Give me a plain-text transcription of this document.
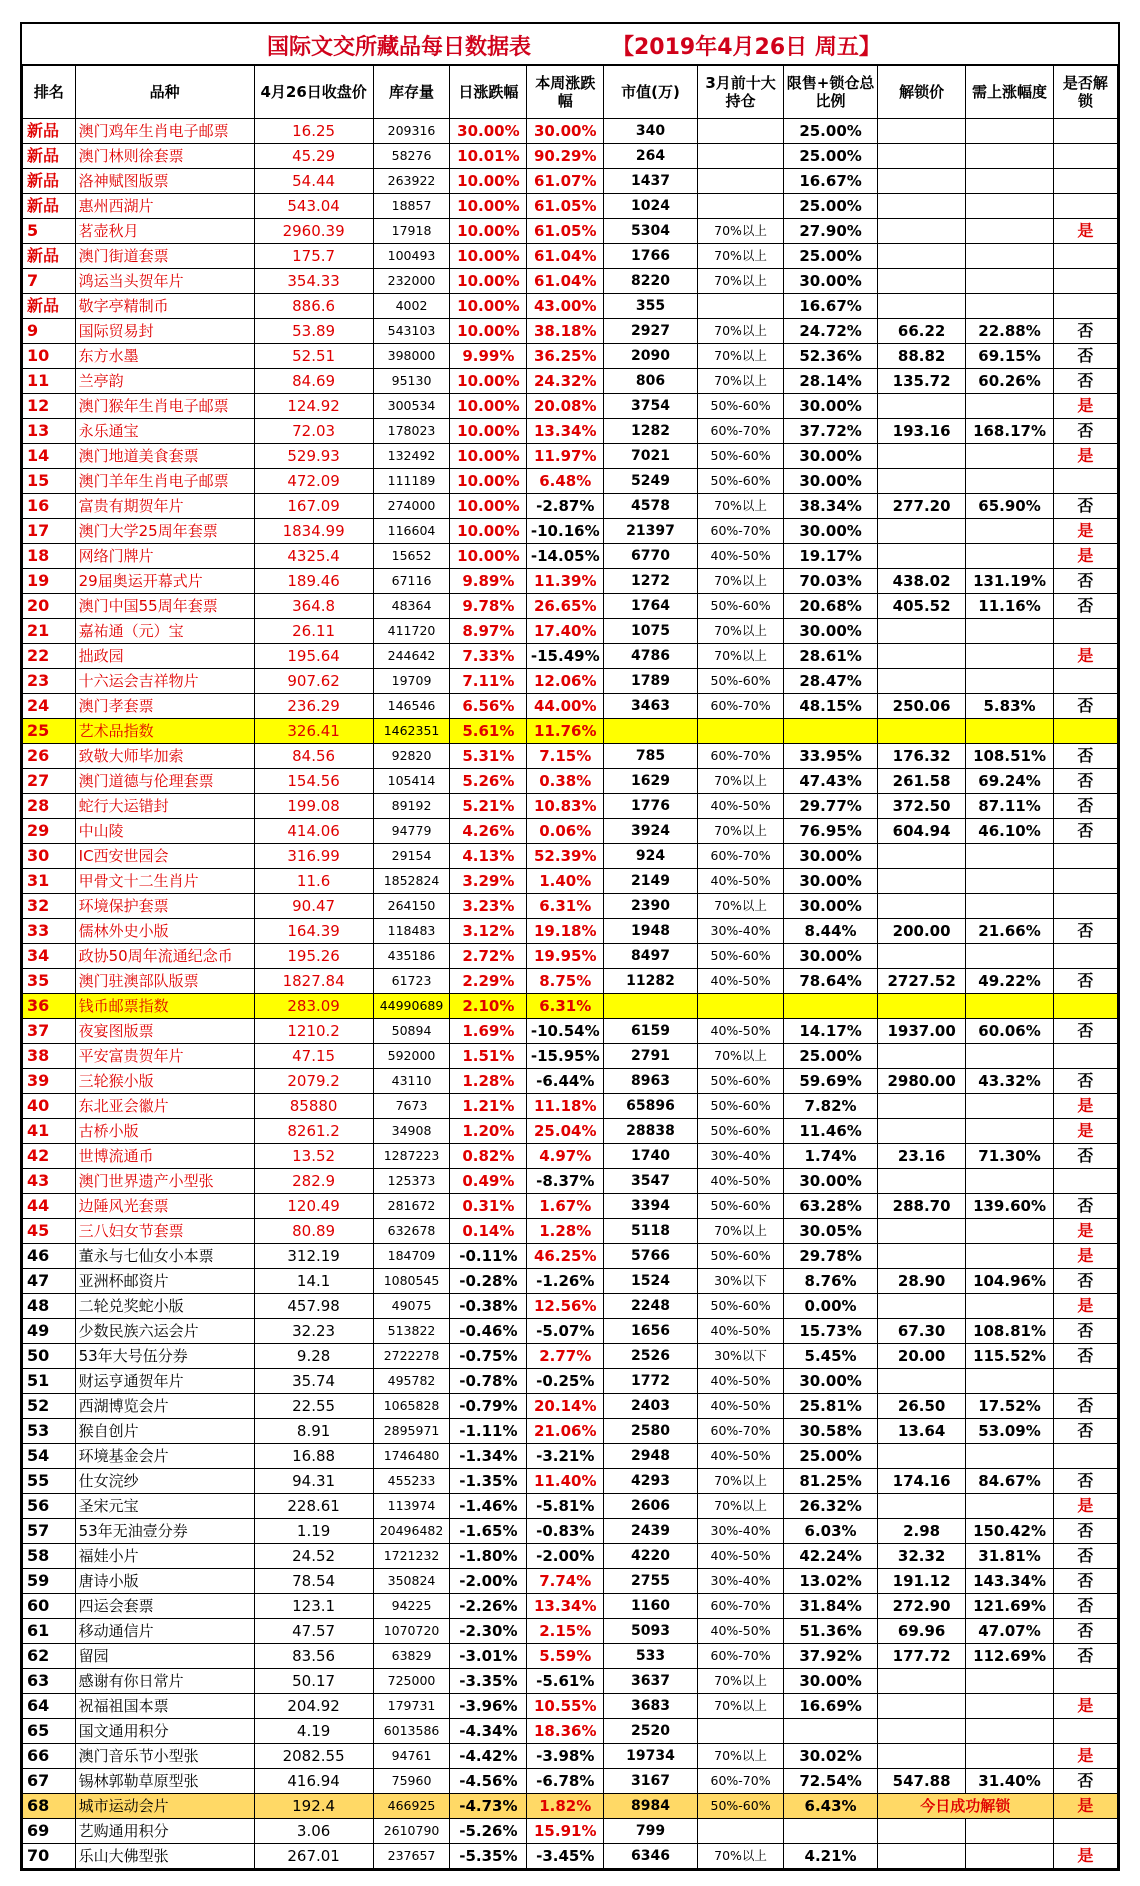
国际文交所藏品每日数据表	【2019年4月26日 周五】
排名	品种	4月26日收盘价	库存量	日涨跌幅	本周涨跌幅	市值(万)	3月前十大持仓	限售+锁仓总比例	解锁价	需上涨幅度	是否解锁
新品	澳门鸡年生肖电子邮票	16.25	209316	30.00%	30.00%	340		25.00%			
新品	澳门林则徐套票	45.29	58276	10.01%	90.29%	264		25.00%			
新品	洛神赋图版票	54.44	263922	10.00%	61.07%	1437		16.67%			
新品	惠州西湖片	543.04	18857	10.00%	61.05%	1024		25.00%			
5	茗壶秋月	2960.39	17918	10.00%	61.05%	5304	70%以上	27.90%			是
新品	澳门街道套票	175.7	100493	10.00%	61.04%	1766	70%以上	25.00%			
7	鸿运当头贺年片	354.33	232000	10.00%	61.04%	8220	70%以上	30.00%			
新品	敬字亭精制币	886.6	4002	10.00%	43.00%	355		16.67%			
9	国际贸易封	53.89	543103	10.00%	38.18%	2927	70%以上	24.72%	66.22	22.88%	否
10	东方水墨	52.51	398000	9.99%	36.25%	2090	70%以上	52.36%	88.82	69.15%	否
11	兰亭韵	84.69	95130	10.00%	24.32%	806	70%以上	28.14%	135.72	60.26%	否
12	澳门猴年生肖电子邮票	124.92	300534	10.00%	20.08%	3754	50%-60%	30.00%			是
13	永乐通宝	72.03	178023	10.00%	13.34%	1282	60%-70%	37.72%	193.16	168.17%	否
14	澳门地道美食套票	529.93	132492	10.00%	11.97%	7021	50%-60%	30.00%			是
15	澳门羊年生肖电子邮票	472.09	111189	10.00%	6.48%	5249	50%-60%	30.00%			
16	富贵有期贺年片	167.09	274000	10.00%	-2.87%	4578	70%以上	38.34%	277.20	65.90%	否
17	澳门大学25周年套票	1834.99	116604	10.00%	-10.16%	21397	60%-70%	30.00%			是
18	网络门牌片	4325.4	15652	10.00%	-14.05%	6770	40%-50%	19.17%			是
19	29届奥运开幕式片	189.46	67116	9.89%	11.39%	1272	70%以上	70.03%	438.02	131.19%	否
20	澳门中国55周年套票	364.8	48364	9.78%	26.65%	1764	50%-60%	20.68%	405.52	11.16%	否
21	嘉祐通（元）宝	26.11	411720	8.97%	17.40%	1075	70%以上	30.00%			
22	拙政园	195.64	244642	7.33%	-15.49%	4786	70%以上	28.61%			是
23	十六运会吉祥物片	907.62	19709	7.11%	12.06%	1789	50%-60%	28.47%			
24	澳门孝套票	236.29	146546	6.56%	44.00%	3463	60%-70%	48.15%	250.06	5.83%	否
25	艺术品指数	326.41	1462351	5.61%	11.76%						
26	致敬大师毕加索	84.56	92820	5.31%	7.15%	785	60%-70%	33.95%	176.32	108.51%	否
27	澳门道德与伦理套票	154.56	105414	5.26%	0.38%	1629	70%以上	47.43%	261.58	69.24%	否
28	蛇行大运错封	199.08	89192	5.21%	10.83%	1776	40%-50%	29.77%	372.50	87.11%	否
29	中山陵	414.06	94779	4.26%	0.06%	3924	70%以上	76.95%	604.94	46.10%	否
30	IC西安世园会	316.99	29154	4.13%	52.39%	924	60%-70%	30.00%			
31	甲骨文十二生肖片	11.6	1852824	3.29%	1.40%	2149	40%-50%	30.00%			
32	环境保护套票	90.47	264150	3.23%	6.31%	2390	70%以上	30.00%			
33	儒林外史小版	164.39	118483	3.12%	19.18%	1948	30%-40%	8.44%	200.00	21.66%	否
34	政协50周年流通纪念币	195.26	435186	2.72%	19.95%	8497	50%-60%	30.00%			
35	澳门驻澳部队版票	1827.84	61723	2.29%	8.75%	11282	40%-50%	78.64%	2727.52	49.22%	否
36	钱币邮票指数	283.09	44990689	2.10%	6.31%						
37	夜宴图版票	1210.2	50894	1.69%	-10.54%	6159	40%-50%	14.17%	1937.00	60.06%	否
38	平安富贵贺年片	47.15	592000	1.51%	-15.95%	2791	70%以上	25.00%			
39	三轮猴小版	2079.2	43110	1.28%	-6.44%	8963	50%-60%	59.69%	2980.00	43.32%	否
40	东北亚会徽片	85880	7673	1.21%	11.18%	65896	50%-60%	7.82%			是
41	古桥小版	8261.2	34908	1.20%	25.04%	28838	50%-60%	11.46%			是
42	世博流通币	13.52	1287223	0.82%	4.97%	1740	30%-40%	1.74%	23.16	71.30%	否
43	澳门世界遗产小型张	282.9	125373	0.49%	-8.37%	3547	40%-50%	30.00%			
44	边陲风光套票	120.49	281672	0.31%	1.67%	3394	50%-60%	63.28%	288.70	139.60%	否
45	三八妇女节套票	80.89	632678	0.14%	1.28%	5118	70%以上	30.05%			是
46	董永与七仙女小本票	312.19	184709	-0.11%	46.25%	5766	50%-60%	29.78%			是
47	亚洲杯邮资片	14.1	1080545	-0.28%	-1.26%	1524	30%以下	8.76%	28.90	104.96%	否
48	二轮兑奖蛇小版	457.98	49075	-0.38%	12.56%	2248	50%-60%	0.00%			是
49	少数民族六运会片	32.23	513822	-0.46%	-5.07%	1656	40%-50%	15.73%	67.30	108.81%	否
50	53年大号伍分券	9.28	2722278	-0.75%	2.77%	2526	30%以下	5.45%	20.00	115.52%	否
51	财运亨通贺年片	35.74	495782	-0.78%	-0.25%	1772	40%-50%	30.00%			
52	西湖博览会片	22.55	1065828	-0.79%	20.14%	2403	40%-50%	25.81%	26.50	17.52%	否
53	猴自创片	8.91	2895971	-1.11%	21.06%	2580	60%-70%	30.58%	13.64	53.09%	否
54	环境基金会片	16.88	1746480	-1.34%	-3.21%	2948	40%-50%	25.00%			
55	仕女浣纱	94.31	455233	-1.35%	11.40%	4293	70%以上	81.25%	174.16	84.67%	否
56	圣宋元宝	228.61	113974	-1.46%	-5.81%	2606	70%以上	26.32%			是
57	53年无油壹分券	1.19	20496482	-1.65%	-0.83%	2439	30%-40%	6.03%	2.98	150.42%	否
58	福娃小片	24.52	1721232	-1.80%	-2.00%	4220	40%-50%	42.24%	32.32	31.81%	否
59	唐诗小版	78.54	350824	-2.00%	7.74%	2755	30%-40%	13.02%	191.12	143.34%	否
60	四运会套票	123.1	94225	-2.26%	13.34%	1160	60%-70%	31.84%	272.90	121.69%	否
61	移动通信片	47.57	1070720	-2.30%	2.15%	5093	40%-50%	51.36%	69.96	47.07%	否
62	留园	83.56	63829	-3.01%	5.59%	533	60%-70%	37.92%	177.72	112.69%	否
63	感谢有你日常片	50.17	725000	-3.35%	-5.61%	3637	70%以上	30.00%			
64	祝福祖国本票	204.92	179731	-3.96%	10.55%	3683	70%以上	16.69%			是
65	国文通用积分	4.19	6013586	-4.34%	18.36%	2520					
66	澳门音乐节小型张	2082.55	94761	-4.42%	-3.98%	19734	70%以上	30.02%			是
67	锡林郭勒草原型张	416.94	75960	-4.56%	-6.78%	3167	60%-70%	72.54%	547.88	31.40%	否
68	城市运动会片	192.4	466925	-4.73%	1.82%	8984	50%-60%	6.43%	今日成功解锁		是
69	艺购通用积分	3.06	2610790	-5.26%	15.91%	799					
70	乐山大佛型张	267.01	237657	-5.35%	-3.45%	6346	70%以上	4.21%			是
